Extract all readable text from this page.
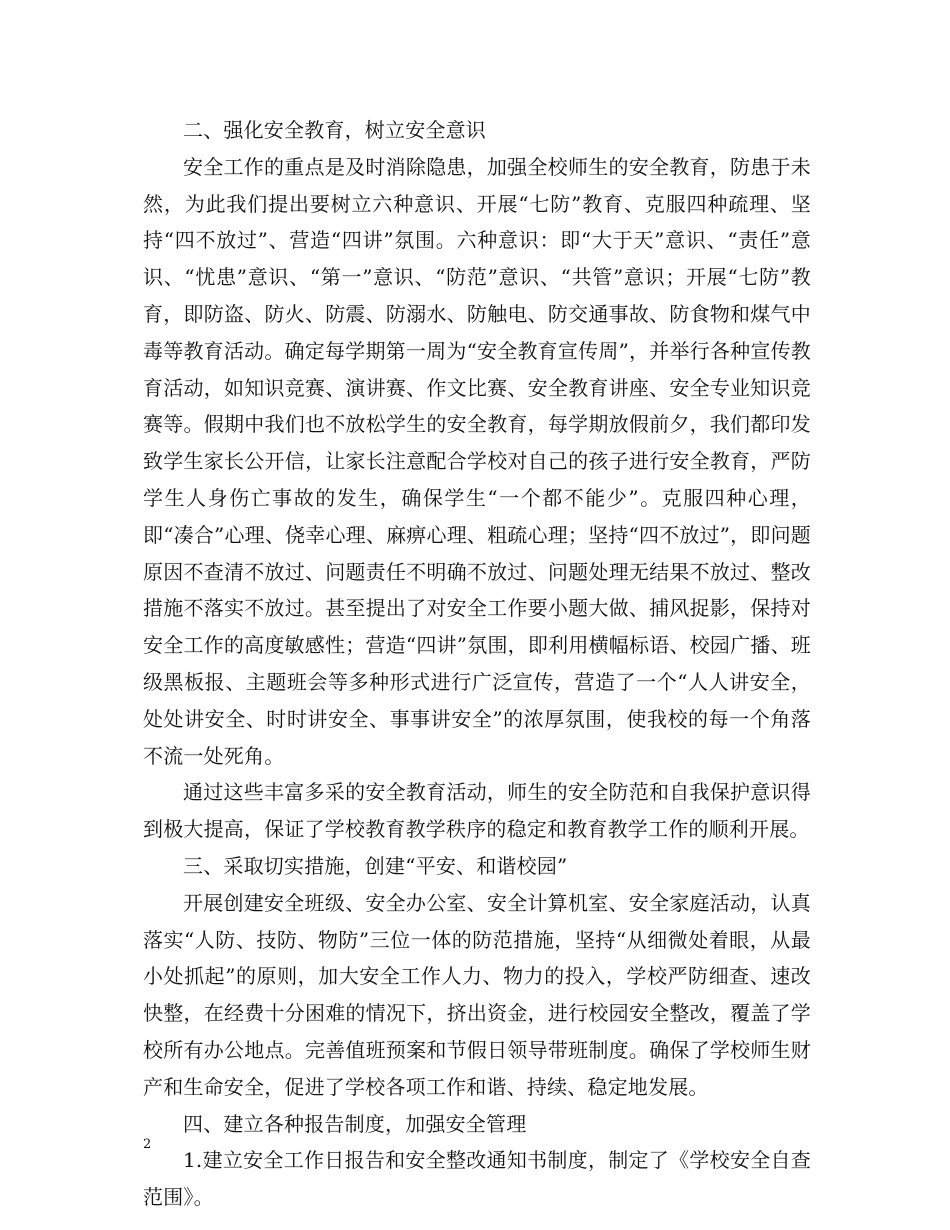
二、强化安全教育，树立安全意识

安全工作的重点是及时消除隐患，加强全校师生的安全教育，防患于未然，为此我们提出要树立六种意识、开展“七防”教育、克服四种疏理、坚持“四不放过”、营造“四讲”氛围。六种意识：即“大于天”意识、“责任”意识、“忧患”意识、“第一”意识、“防范”意识、“共管”意识；开展“七防”教育，即防盗、防火、防震、防溺水、防触电、防交通事故、防食物和煤气中毒等教育活动。确定每学期第一周为“安全教育宣传周”，并举行各种宣传教育活动，如知识竞赛、演讲赛、作文比赛、安全教育讲座、安全专业知识竞赛等。假期中我们也不放松学生的安全教育，每学期放假前夕，我们都印发致学生家长公开信，让家长注意配合学校对自己的孩子进行安全教育，严防学生人身伤亡事故的发生，确保学生“一个都不能少”。克服四种心理，即“凑合”心理、侥幸心理、麻痹心理、粗疏心理；坚持“四不放过”，即问题原因不查清不放过、问题责任不明确不放过、问题处理无结果不放过、整改措施不落实不放过。甚至提出了对安全工作要小题大做、捕风捉影，保持对安全工作的高度敏感性；营造“四讲”氛围，即利用横幅标语、校园广播、班级黑板报、主题班会等多种形式进行广泛宣传，营造了一个“人人讲安全，处处讲安全、时时讲安全、事事讲安全”的浓厚氛围，使我校的每一个角落不流一处死角。

通过这些丰富多采的安全教育活动，师生的安全防范和自我保护意识得到极大提高，保证了学校教育教学秩序的稳定和教育教学工作的顺利开展。

三、采取切实措施，创建“平安、和谐校园”

开展创建安全班级、安全办公室、安全计算机室、安全家庭活动，认真落实“人防、技防、物防”三位一体的防范措施，坚持“从细微处着眼，从最小处抓起”的原则，加大安全工作人力、物力的投入，学校严防细查、速改快整，在经费十分困难的情况下，挤出资金，进行校园安全整改，覆盖了学校所有办公地点。完善值班预案和节假日领导带班制度。确保了学校师生财产和生命安全，促进了学校各项工作和谐、持续、稳定地发展。

四、建立各种报告制度，加强安全管理

1.建立安全工作日报告和安全整改通知书制度，制定了《学校安全自查范围》。

2
